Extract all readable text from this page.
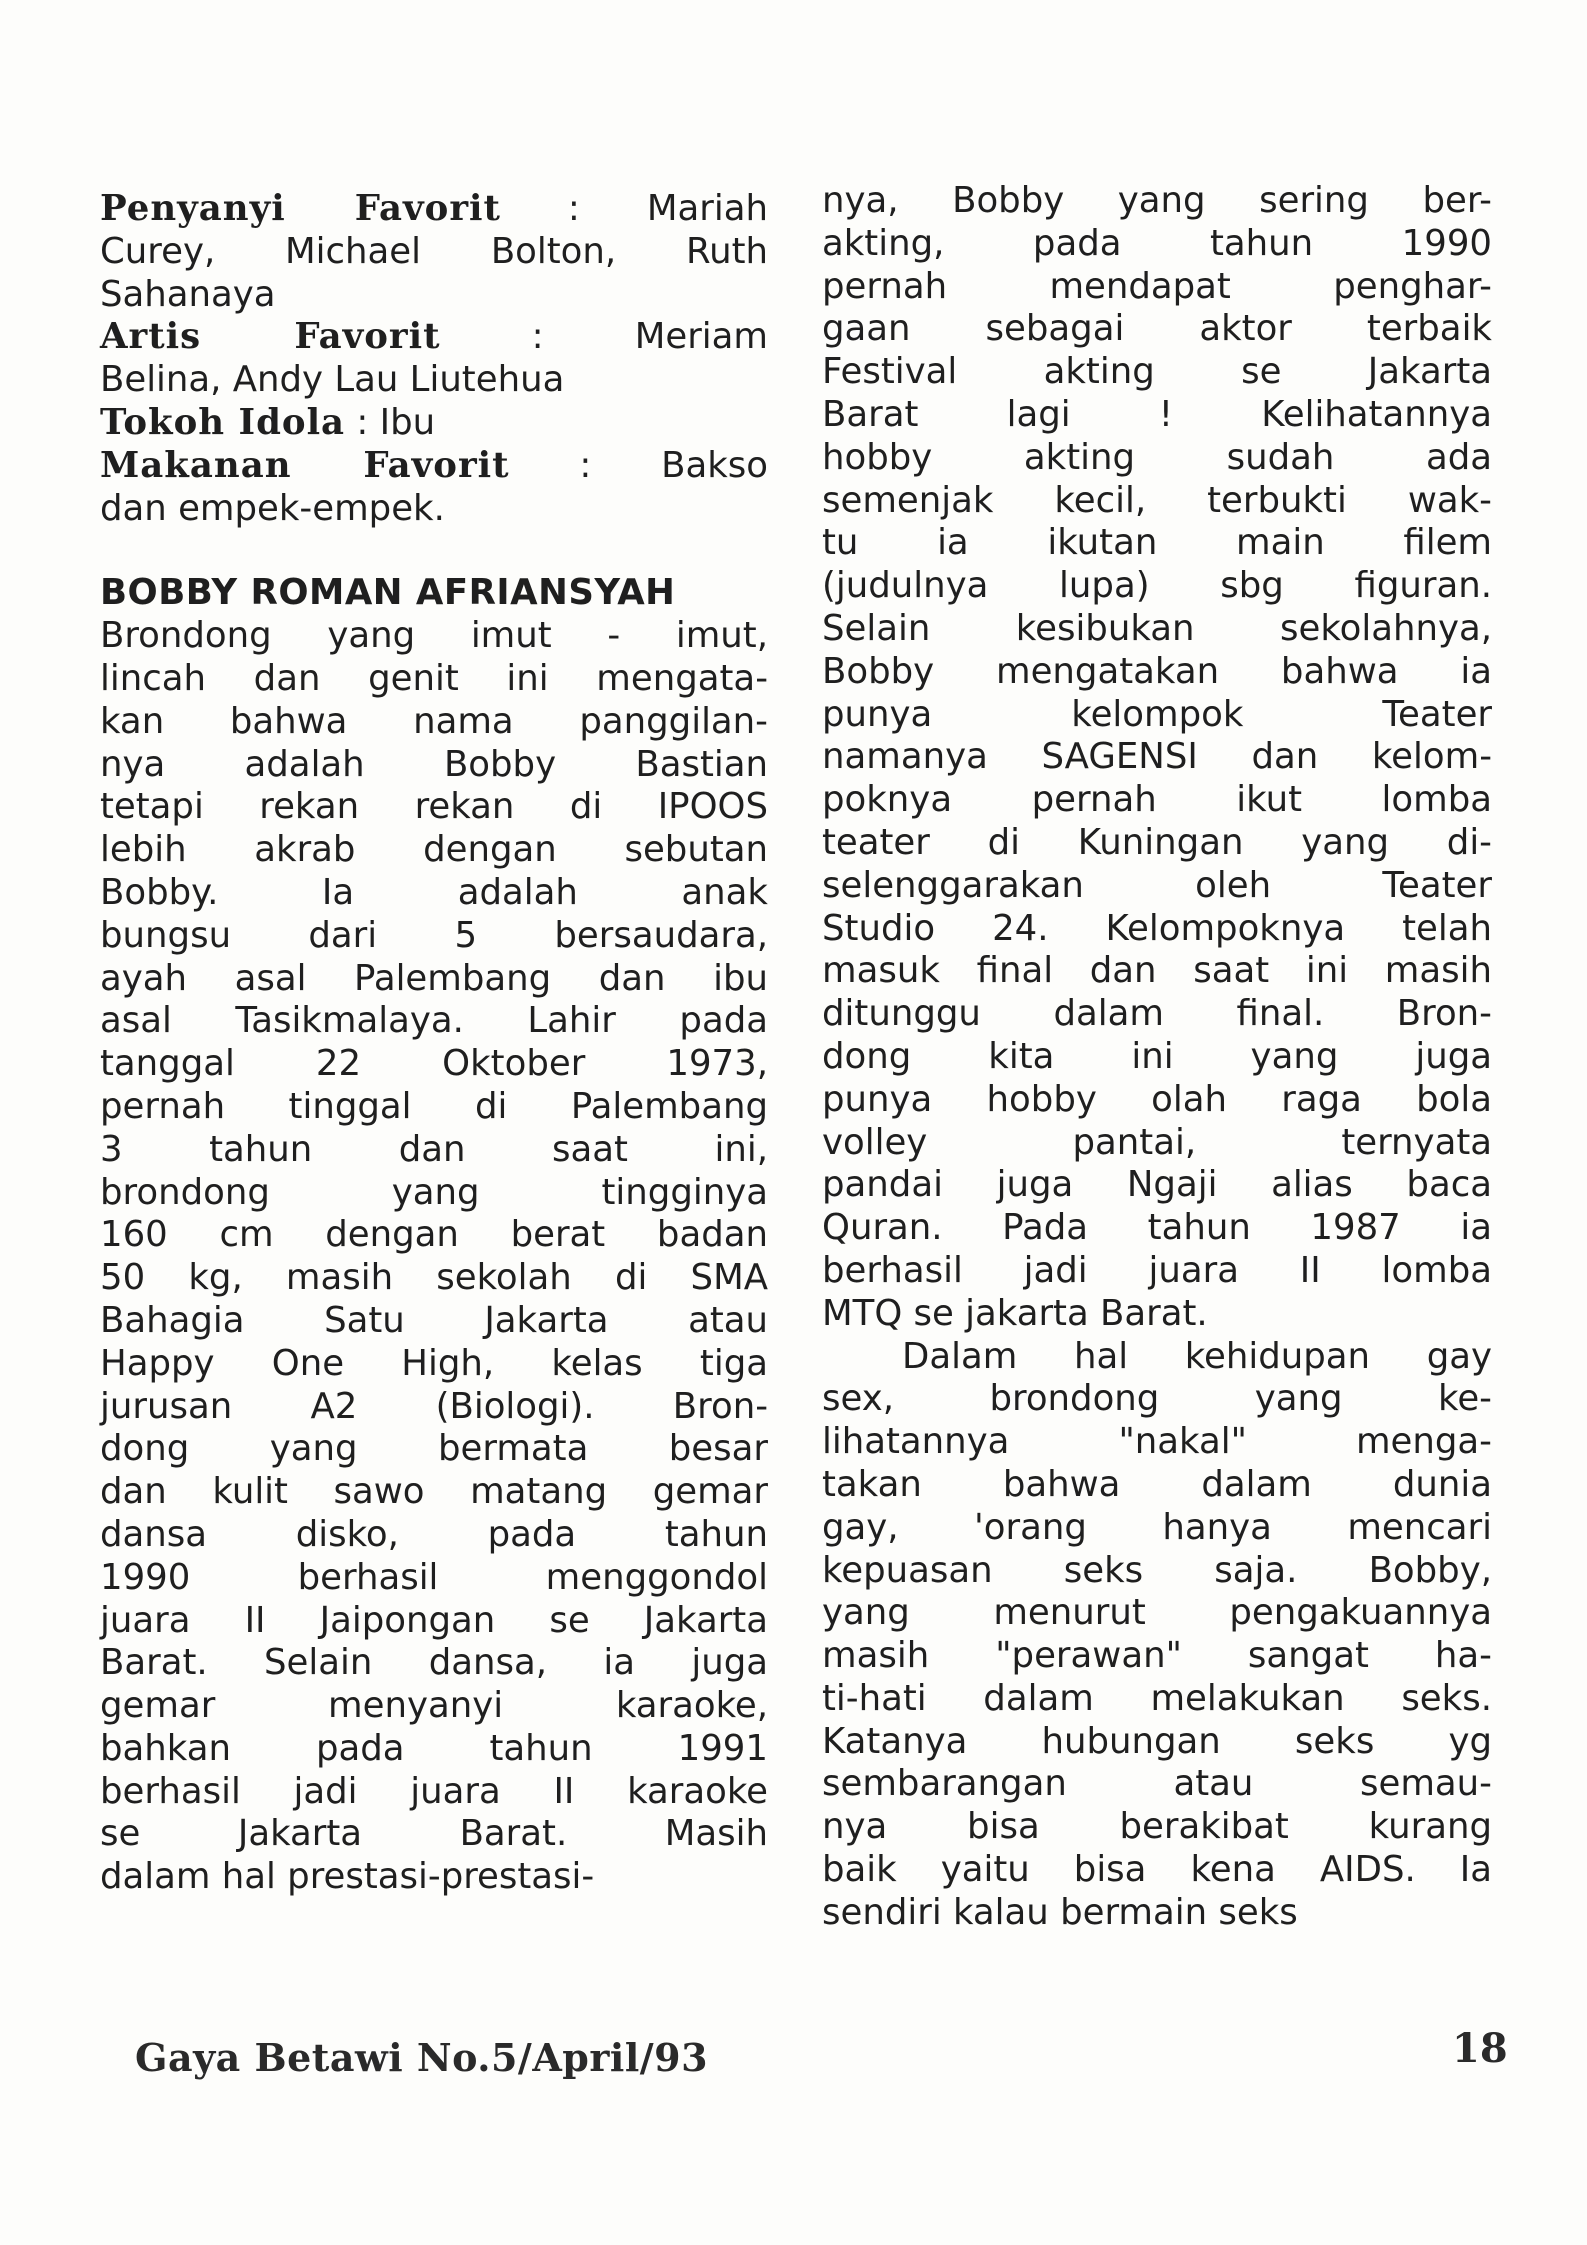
Penyanyi Favorit : Mariah
Curey, Michael Bolton, Ruth
Sahanaya
Artis Favorit	: Meriam
Belina, Andy Lau Liutehua
Tokoh Idola : Ibu
Makanan Favorit : Bakso
dan empek-empek.
BOBBY ROMAN AFRIANSYAH
Brondong yang imut - imut,
lincah dan genit ini mengata-
kan bahwa nama panggilan-
nya adalah Bobby Bastian
tetapi rekan rekan di IPOOS
lebih akrab dengan sebutan
Bobby. Ia adalah anak
bungsu dari 5 bersaudara,
ayah asal Palembang dan ibu
asal Tasikmalaya. Lahir pada
tanggal 22 Oktober 1973,
pernah tinggal di Palembang
3 tahun dan saat ini,
brondong yang tingginya
160 cm dengan berat badan
50 kg, masih sekolah di SMA
Bahagia Satu Jakarta atau
Happy One High, kelas tiga
jurusan A2 (Biologi). Bron-
dong yang bermata besar
dan kulit sawo matang gemar
dansa disko, pada tahun
1990 berhasil menggondol
juara II Jaipongan se Jakarta
Barat. Selain dansa, ia juga
gemar menyanyi karaoke,
bahkan pada tahun 1991
berhasil jadi juara II karaoke
se Jakarta Barat. Masih
dalam hal prestasi-prestasi-
nya, Bobby yang sering ber-
akting, pada tahun 1990
pernah mendapat penghar-
gaan sebagai aktor terbaik
Festival akting se Jakarta
Barat lagi ! Kelihatannya
hobby akting sudah ada
semenjak kecil, terbukti wak-
tu ia ikutan main filem
(judulnya lupa) sbg figuran.
Selain kesibukan sekolahnya,
Bobby mengatakan bahwa ia
punya kelompok Teater
namanya SAGENSI dan kelom-
poknya pernah ikut lomba
teater di Kuningan yang di-
selenggarakan oleh Teater
Studio 24. Kelompoknya telah
masuk final dan saat ini masih
ditunggu dalam final. Bron-
dong kita ini yang juga
punya hobby olah raga bola
volley pantai, ternyata
pandai juga Ngaji alias baca
Quran. Pada tahun 1987 ia
berhasil jadi juara II lomba
MTQ se jakarta Barat.
Dalam hal kehidupan gay
sex, brondong yang ke-
lihatannya "nakal" menga-
takan bahwa dalam dunia
gay, 'orang hanya mencari
kepuasan seks saja. Bobby,
yang menurut pengakuannya
masih "perawan" sangat ha-
ti-hati dalam melakukan seks.
Katanya hubungan seks yg
sembarangan atau semau-
nya bisa berakibat kurang
baik yaitu bisa kena AIDS. Ia
sendiri kalau bermain seks
Gaya Betawi No.5/April/93	18
